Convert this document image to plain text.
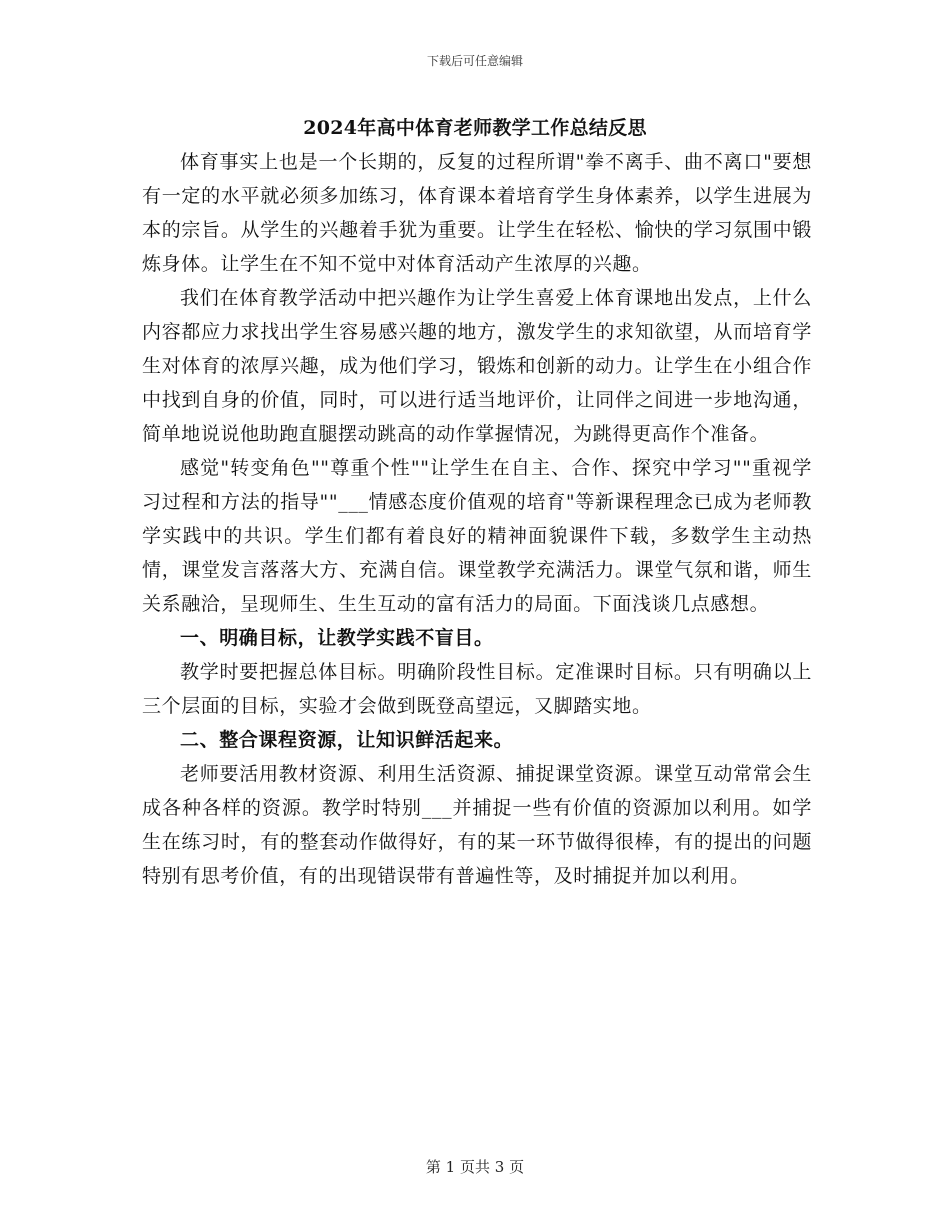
下载后可任意编辑
2024年高中体育老师教学工作总结反思

体育事实上也是一个长期的，反复的过程所谓"拳不离手、曲不离口"要想有一定的水平就必须多加练习，体育课本着培育学生身体素养，以学生进展为本的宗旨。从学生的兴趣着手犹为重要。让学生在轻松、愉快的学习氛围中锻炼身体。让学生在不知不觉中对体育活动产生浓厚的兴趣。

我们在体育教学活动中把兴趣作为让学生喜爱上体育课地出发点，上什么内容都应力求找出学生容易感兴趣的地方，激发学生的求知欲望，从而培育学生对体育的浓厚兴趣，成为他们学习，锻炼和创新的动力。让学生在小组合作中找到自身的价值，同时，可以进行适当地评价，让同伴之间进一步地沟通，简单地说说他助跑直腿摆动跳高的动作掌握情况，为跳得更高作个准备。

感觉"转变角色""尊重个性""让学生在自主、合作、探究中学习""重视学习过程和方法的指导""___情感态度价值观的培育"等新课程理念已成为老师教学实践中的共识。学生们都有着良好的精神面貌课件下载，多数学生主动热情，课堂发言落落大方、充满自信。课堂教学充满活力。课堂气氛和谐，师生关系融洽，呈现师生、生生互动的富有活力的局面。下面浅谈几点感想。

一、明确目标，让教学实践不盲目。

教学时要把握总体目标。明确阶段性目标。定准课时目标。只有明确以上三个层面的目标，实验才会做到既登高望远，又脚踏实地。

二、整合课程资源，让知识鲜活起来。

老师要活用教材资源、利用生活资源、捕捉课堂资源。课堂互动常常会生成各种各样的资源。教学时特别___并捕捉一些有价值的资源加以利用。如学生在练习时，有的整套动作做得好，有的某一环节做得很棒，有的提出的问题特别有思考价值，有的出现错误带有普遍性等，及时捕捉并加以利用。

第 1 页共 3 页
